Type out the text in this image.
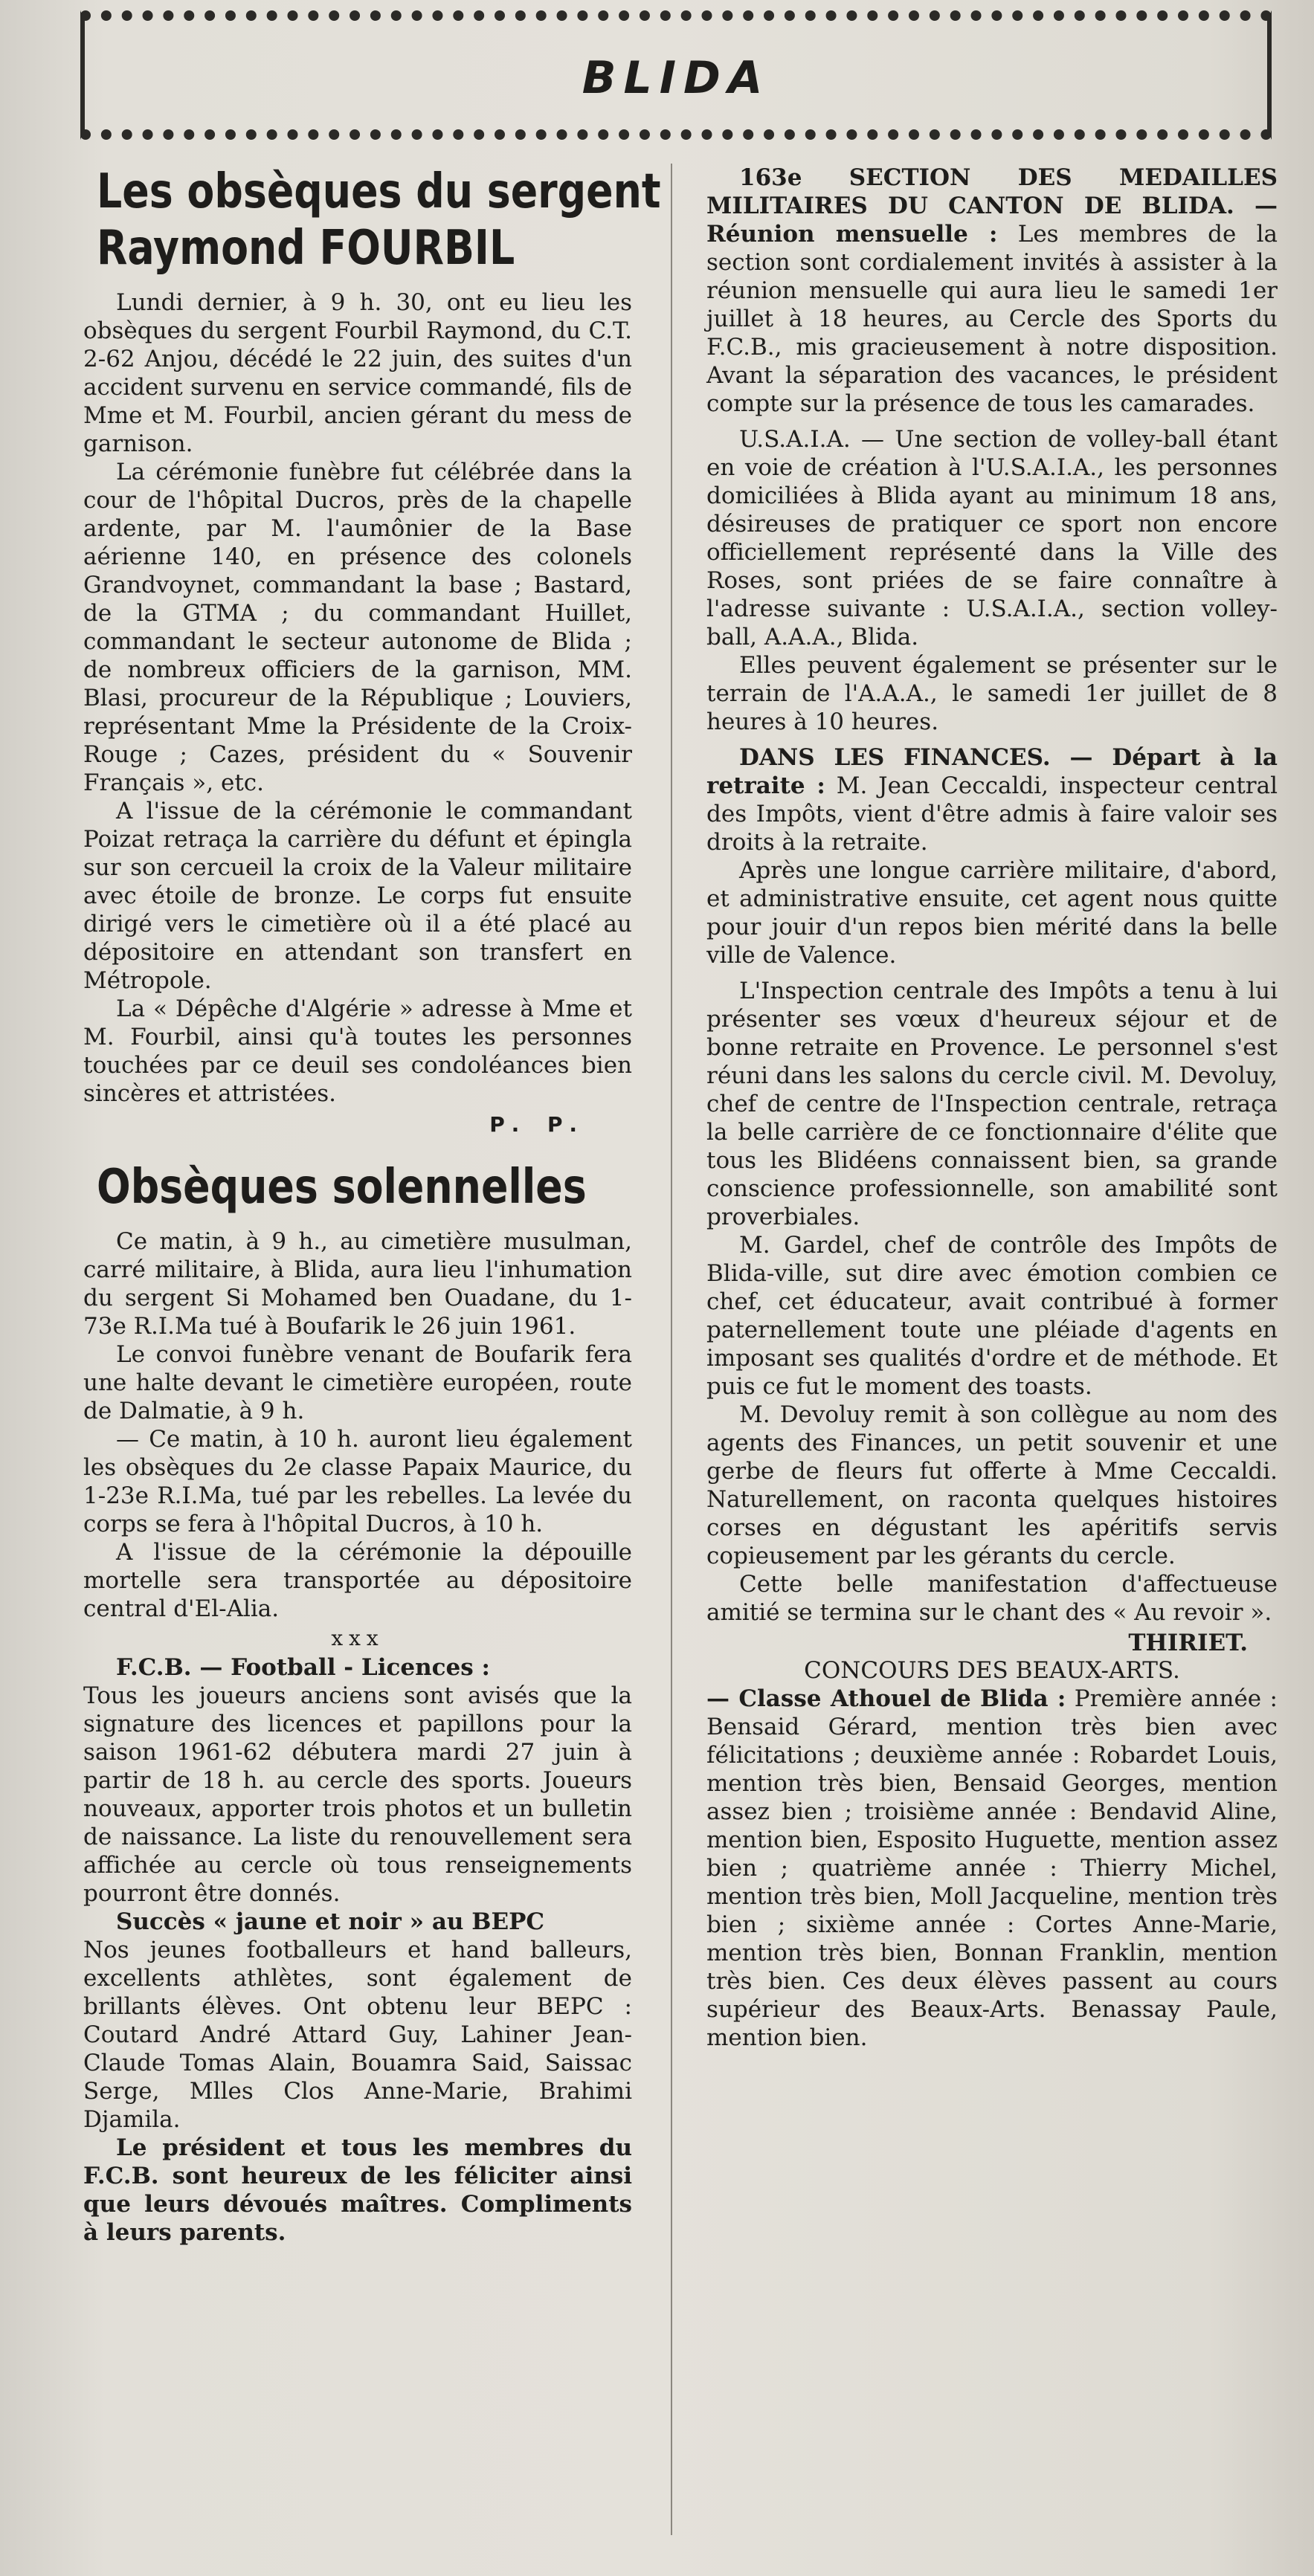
BLIDA
Les obsèques du sergent
Raymond FOURBIL

Lundi dernier, à 9 h. 30, ont eu lieu les obsèques du sergent Fourbil Raymond, du C.T. 2-62 Anjou, décédé le 22 juin, des suites d'un accident survenu en service commandé, fils de Mme et M. Fourbil, ancien gérant du mess de garnison.

La cérémonie funèbre fut célébrée dans la cour de l'hôpital Ducros, près de la chapelle ardente, par M. l'aumônier de la Base aérienne 140, en présence des colonels Grandvoynet, commandant la base ; Bastard, de la GTMA ; du commandant Huillet, commandant le secteur autonome de Blida ; de nombreux officiers de la garnison, MM. Blasi, procureur de la République ; Louviers, représentant Mme la Présidente de la Croix-Rouge ; Cazes, président du « Souvenir Français », etc.

A l'issue de la cérémonie le commandant Poizat retraça la carrière du défunt et épingla sur son cercueil la croix de la Valeur militaire avec étoile de bronze. Le corps fut ensuite dirigé vers le cimetière où il a été placé au dépositoire en attendant son transfert en Métropole.

La « Dépêche d'Algérie » adresse à Mme et M. Fourbil, ainsi qu'à toutes les personnes touchées par ce deuil ses condoléances bien sincères et attristées.

P. P.
Obsèques solennelles

Ce matin, à 9 h., au cimetière musulman, carré militaire, à Blida, aura lieu l'inhumation du sergent Si Mohamed ben Ouadane, du 1-73e R.I.Ma tué à Boufarik le 26 juin 1961.

Le convoi funèbre venant de Boufarik fera une halte devant le cimetière européen, route de Dalmatie, à 9 h.

— Ce matin, à 10 h. auront lieu également les obsèques du 2e classe Papaix Maurice, du 1-23e R.I.Ma, tué par les rebelles. La levée du corps se fera à l'hôpital Ducros, à 10 h.

A l'issue de la cérémonie la dépouille mortelle sera transportée au dépositoire central d'El-Alia.

xxx

F.C.B. — Football - Licences :

Tous les joueurs anciens sont avisés que la signature des licences et papillons pour la saison 1961-62 débutera mardi 27 juin à partir de 18 h. au cercle des sports. Joueurs nouveaux, apporter trois photos et un bulletin de naissance. La liste du renouvellement sera affichée au cercle où tous renseignements pourront être donnés.

Succès « jaune et noir » au BEPC

Nos jeunes footballeurs et hand balleurs, excellents athlètes, sont également de brillants élèves. Ont obtenu leur BEPC : Coutard André Attard Guy, Lahiner Jean-Claude Tomas Alain, Bouamra Said, Saissac Serge, Mlles Clos Anne-Marie, Brahimi Djamila.

Le président et tous les membres du F.C.B. sont heureux de les féliciter ainsi que leurs dévoués maîtres. Compliments à leurs parents.

163e SECTION DES MEDAILLES MILITAIRES DU CANTON DE BLIDA. — Réunion mensuelle : Les membres de la section sont cordialement invités à assister à la réunion mensuelle qui aura lieu le samedi 1er juillet à 18 heures, au Cercle des Sports du F.C.B., mis gracieusement à notre disposition. Avant la séparation des vacances, le président compte sur la présence de tous les camarades.

U.S.A.I.A. — Une section de volley-ball étant en voie de création à l'U.S.A.I.A., les personnes domiciliées à Blida ayant au minimum 18 ans, désireuses de pratiquer ce sport non encore officiellement représenté dans la Ville des Roses, sont priées de se faire connaître à l'adresse suivante : U.S.A.I.A., section volley-ball, A.A.A., Blida.

Elles peuvent également se présenter sur le terrain de l'A.A.A., le samedi 1er juillet de 8 heures à 10 heures.

DANS LES FINANCES. — Départ à la retraite : M. Jean Ceccaldi, inspecteur central des Impôts, vient d'être admis à faire valoir ses droits à la retraite.

Après une longue carrière militaire, d'abord, et administrative ensuite, cet agent nous quitte pour jouir d'un repos bien mérité dans la belle ville de Valence.

L'Inspection centrale des Impôts a tenu à lui présenter ses vœux d'heureux séjour et de bonne retraite en Provence. Le personnel s'est réuni dans les salons du cercle civil. M. Devoluy, chef de centre de l'Inspection centrale, retraça la belle carrière de ce fonctionnaire d'élite que tous les Blidéens connaissent bien, sa grande conscience professionnelle, son amabilité sont proverbiales.

M. Gardel, chef de contrôle des Impôts de Blida-ville, sut dire avec émotion combien ce chef, cet éducateur, avait contribué à former paternellement toute une pléiade d'agents en imposant ses qualités d'ordre et de méthode. Et puis ce fut le moment des toasts.

M. Devoluy remit à son collègue au nom des agents des Finances, un petit souvenir et une gerbe de fleurs fut offerte à Mme Ceccaldi. Naturellement, on raconta quelques histoires corses en dégustant les apéritifs servis copieusement par les gérants du cercle.

Cette belle manifestation d'affectueuse amitié se termina sur le chant des « Au revoir ».

THIRIET.

CONCOURS DES BEAUX-ARTS.

— Classe Athouel de Blida : Première année : Bensaid Gérard, mention très bien avec félicitations ; deuxième année : Robardet Louis, mention très bien, Bensaid Georges, mention assez bien ; troisième année : Bendavid Aline, mention bien, Esposito Huguette, mention assez bien ; quatrième année : Thierry Michel, mention très bien, Moll Jacqueline, mention très bien ; sixième année : Cortes Anne-Marie, mention très bien, Bonnan Franklin, mention très bien. Ces deux élèves passent au cours supérieur des Beaux-Arts. Benassay Paule, mention bien.
